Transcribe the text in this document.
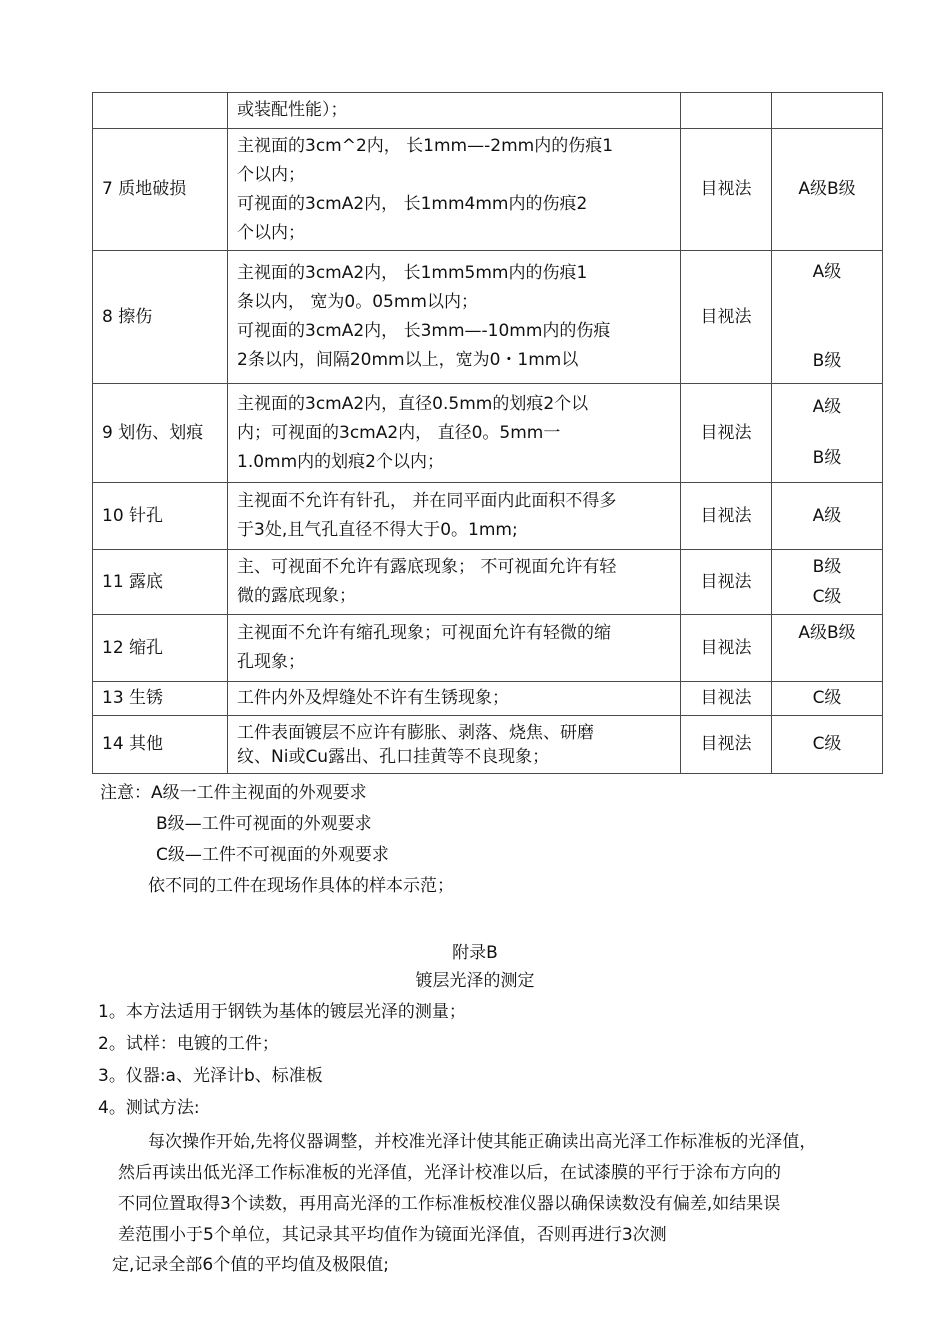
	或装配性能）；		

7 质地破损	主视面的3cm^2内， 长1mm—-2mm内的伤痕1
个以内；
可视面的3cmA2内， 长1mm4mm内的伤痕2
个以内；	目视法	A级B级
8 擦伤	主视面的3cmA2内， 长1mm5mm内的伤痕1
条以内， 宽为0。05mm以内；
可视面的3cmA2内， 长3mm—-10mm内的伤痕
2条以内，间隔20mm以上，宽为0・1mm以	目视法	A级
B级

9 划伤、划痕	主视面的3cmA2内，直径0.5mm的划痕2个以
内；可视面的3cmA2内， 直径0。5mm一
1.0mm内的划痕2个以内；	目视法	A级
B级

10 针孔	主视面不允许有针孔， 并在同平面内此面积不得多
于3处,且气孔直径不得大于0。1mm;	目视法	A级
11 露底	主、可视面不允许有露底现象； 不可视面允许有轻
微的露底现象；	目视法	B级
C级

12 缩孔	主视面不允许有缩孔现象；可视面允许有轻微的缩
孔现象；	目视法	A级B级
13 生锈	工件内外及焊缝处不许有生锈现象；	目视法	C级
14 其他	工件表面镀层不应许有膨胀、剥落、烧焦、研磨
纹、Ni或Cu露出、孔口挂黄等不良现象；	目视法	C级
注意：A级一工件主视面的外观要求
B级—工件可视面的外观要求
C级—工件不可视面的外观要求
依不同的工件在现场作具体的样本示范；
附录B
镀层光泽的测定
1。本方法适用于钢铁为基体的镀层光泽的测量；
2。试样：电镀的工件；
3。仪器:a、光泽计b、标准板
4。测试方法:
每次操作开始,先将仪器调整，并校准光泽计使其能正确读出高光泽工作标准板的光泽值，
然后再读出低光泽工作标准板的光泽值，光泽计校准以后，在试漆膜的平行于涂布方向的
不同位置取得3个读数，再用高光泽的工作标准板校准仪器以确保读数没有偏差,如结果误
差范围小于5个单位，其记录其平均值作为镜面光泽值，否则再进行3次测
定,记录全部6个值的平均值及极限值;
